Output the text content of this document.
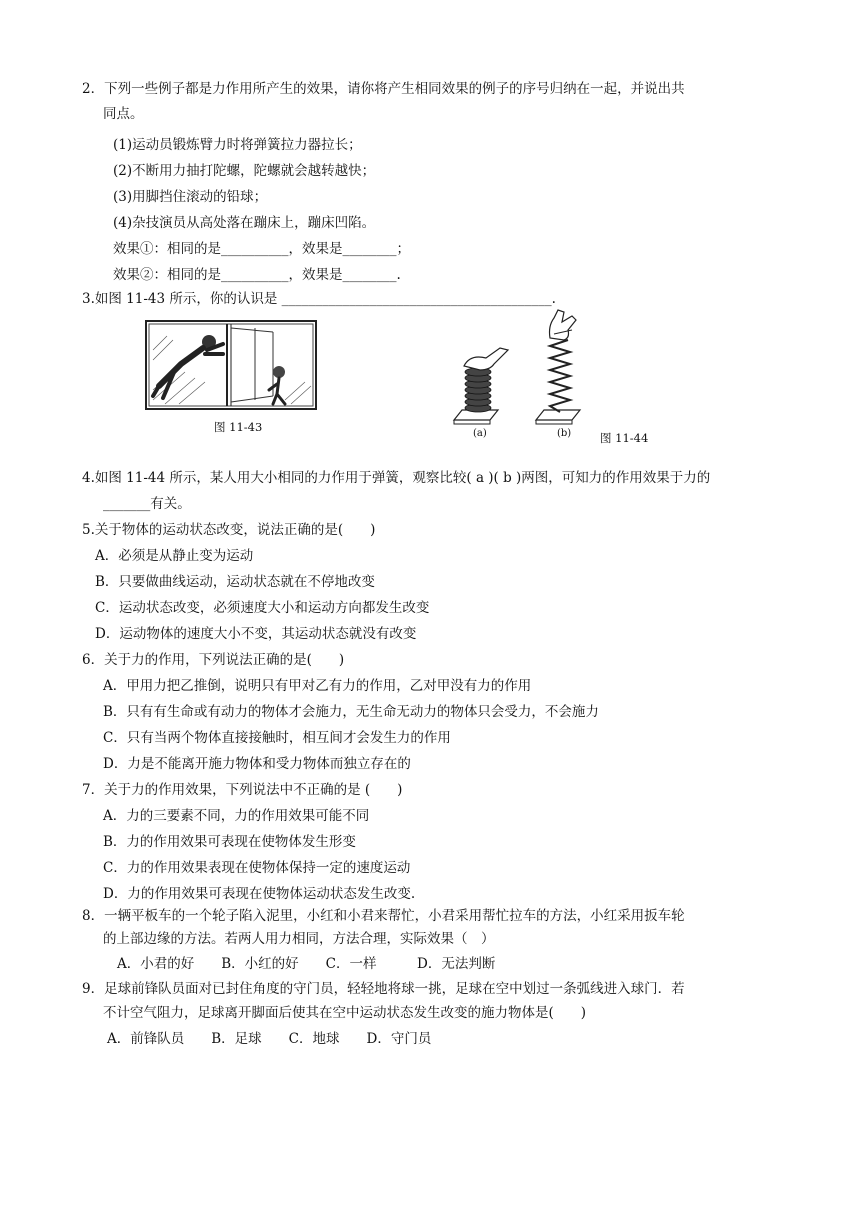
2．下列一些例子都是力作用所产生的效果，请你将产生相同效果的例子的序号归纳在一起，并说出共
同点。
(1)运动员锻炼臂力时将弹簧拉力器拉长；
(2)不断用力抽打陀螺，陀螺就会越转越快；
(3)用脚挡住滚动的铅球；
(4)杂技演员从高处落在蹦床上，蹦床凹陷。
效果①：相同的是__________，效果是________；
效果②：相同的是__________，效果是________.
3.如图 11-43 所示，你的认识是 ________________________________________.
图 11-43	(a)	(b)	图 11-44
4.如图 11-44 所示，某人用大小相同的力作用于弹簧，观察比较( a )( b )两图，可知力的作用效果于力的
_______有关。
5.关于物体的运动状态改变，说法正确的是(　　)
A．必须是从静止变为运动
B．只要做曲线运动，运动状态就在不停地改变
C．运动状态改变，必须速度大小和运动方向都发生改变
D．运动物体的速度大小不变，其运动状态就没有改变
6．关于力的作用，下列说法正确的是(　　)
A．甲用力把乙推倒，说明只有甲对乙有力的作用，乙对甲没有力的作用
B．只有有生命或有动力的物体才会施力，无生命无动力的物体只会受力，不会施力
C．只有当两个物体直接接触时，相互间才会发生力的作用
D．力是不能离开施力物体和受力物体而独立存在的
7．关于力的作用效果，下列说法中不正确的是 (　　)
A．力的三要素不同，力的作用效果可能不同
B．力的作用效果可表现在使物体发生形变
C．力的作用效果表现在使物体保持一定的速度运动
D．力的作用效果可表现在使物体运动状态发生改变.
8．一辆平板车的一个轮子陷入泥里，小红和小君来帮忙，小君采用帮忙拉车的方法，小红采用扳车轮
的上部边缘的方法。若两人用力相同，方法合理，实际效果（　）
A．小君的好　　B．小红的好　　C．一样　　　D．无法判断
9．足球前锋队员面对已封住角度的守门员，轻轻地将球一挑，足球在空中划过一条弧线进入球门．若
不计空气阻力，足球离开脚面后使其在空中运动状态发生改变的施力物体是(　　)
A．前锋队员　　B．足球　　C．地球　　D．守门员
